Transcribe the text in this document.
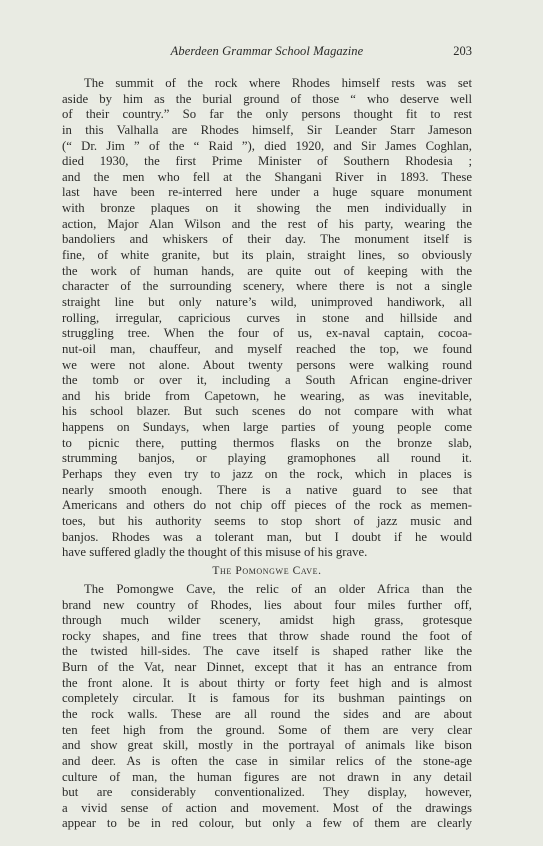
Aberdeen Grammar School Magazine	203
The summit of the rock where Rhodes himself rests was set
aside by him as the burial ground of those “ who deserve well
of their country.” So far the only persons thought fit to rest
in this Valhalla are Rhodes himself, Sir Leander Starr Jameson
(“ Dr. Jim ” of the “ Raid ”), died 1920, and Sir James Coghlan,
died 1930, the first Prime Minister of Southern Rhodesia ;
and the men who fell at the Shangani River in 1893. These
last have been re-interred here under a huge square monument
with bronze plaques on it showing the men individually in
action, Major Alan Wilson and the rest of his party, wearing the
bandoliers and whiskers of their day. The monument itself is
fine, of white granite, but its plain, straight lines, so obviously
the work of human hands, are quite out of keeping with the
character of the surrounding scenery, where there is not a single
straight line but only nature’s wild, unimproved handiwork, all
rolling, irregular, capricious curves in stone and hillside and
struggling tree. When the four of us, ex-naval captain, cocoa-
nut-oil man, chauffeur, and myself reached the top, we found
we were not alone. About twenty persons were walking round
the tomb or over it, including a South African engine-driver
and his bride from Capetown, he wearing, as was inevitable,
his school blazer. But such scenes do not compare with what
happens on Sundays, when large parties of young people come
to picnic there, putting thermos flasks on the bronze slab,
strumming banjos, or playing gramophones all round it.
Perhaps they even try to jazz on the rock, which in places is
nearly smooth enough. There is a native guard to see that
Americans and others do not chip off pieces of the rock as memen-
toes, but his authority seems to stop short of jazz music and
banjos. Rhodes was a tolerant man, but I doubt if he would
have suffered gladly the thought of this misuse of his grave.
The Pomongwe Cave.
The Pomongwe Cave, the relic of an older Africa than the
brand new country of Rhodes, lies about four miles further off,
through much wilder scenery, amidst high grass, grotesque
rocky shapes, and fine trees that throw shade round the foot of
the twisted hill-sides. The cave itself is shaped rather like the
Burn of the Vat, near Dinnet, except that it has an entrance from
the front alone. It is about thirty or forty feet high and is almost
completely circular. It is famous for its bushman paintings on
the rock walls. These are all round the sides and are about
ten feet high from the ground. Some of them are very clear
and show great skill, mostly in the portrayal of animals like bison
and deer. As is often the case in similar relics of the stone-age
culture of man, the human figures are not drawn in any detail
but are considerably conventionalized. They display, however,
a vivid sense of action and movement. Most of the drawings
appear to be in red colour, but only a few of them are clearly
